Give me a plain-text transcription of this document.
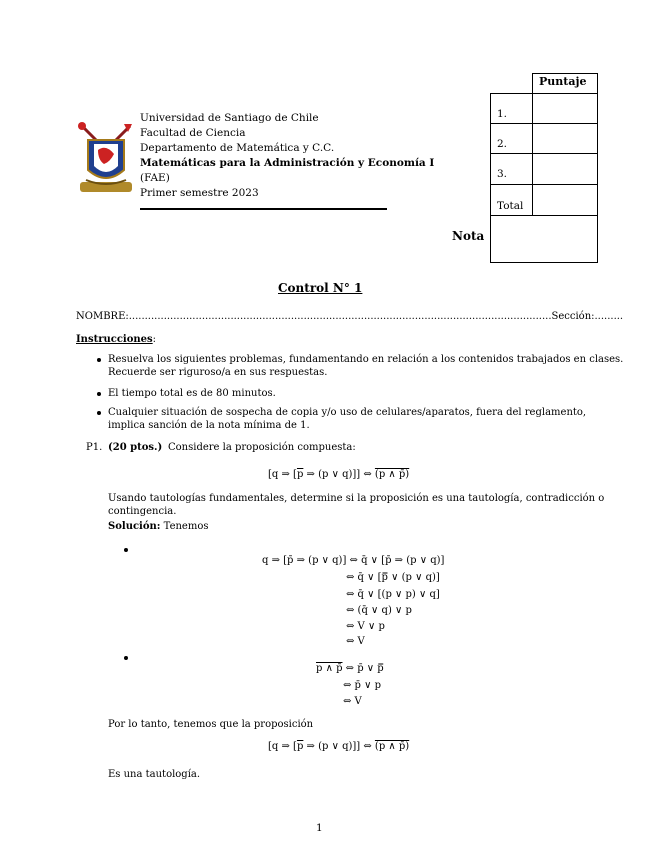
Universidad de Santiago de Chile
Facultad de Ciencia
Departamento de Matemática y C.C.
Matemáticas para la Administración y Economía I
(FAE)
Primer semestre 2023
Puntaje
1.
2.
3.
Total
Nota
Control N° 1
NOMBRE:.....................................................................................................................................Sección:.........
Instrucciones:
Resuelva los siguientes problemas, fundamentando en relación a los contenidos trabajados en clases.
Recuerde ser riguroso/a en sus respuestas.
El tiempo total es de 80 minutos.
Cualquier situación de sospecha de copia y/o uso de celulares/aparatos, fuera del reglamento,
implica sanción de la nota mínima de 1.
P1. (20 ptos.) Considere la proposición compuesta:
[q ⇒ [$\overline{p}$ ⇒ (p ∨ q)]] ⇔ (p ∧ p̄)
Usando tautologías fundamentales, determine si la proposición es una tautología, contradicción o
contingencia.
Solución: Tenemos
q ⇒ [p̄ ⇒ (p ∨ q)] ⇔ q̄ ∨ [p̄ ⇒ (p ∨ q)]
⇔ q̄ ∨ [p̿ ∨ (p ∨ q)]
⇔ q̄ ∨ [(p ∨ p) ∨ q]
⇔ (q̄ ∨ q) ∨ p
⇔ V ∨ p
⇔ V
p ∧ p̄ ⇔ p̄ ∨ p̿
⇔ p̄ ∨ p
⇔ V
Por lo tanto, tenemos que la proposición
[q ⇒ [$\overline{p}$ ⇒ (p ∨ q)]] ⇔ (p ∧ p̄)
Es una tautología.
1
